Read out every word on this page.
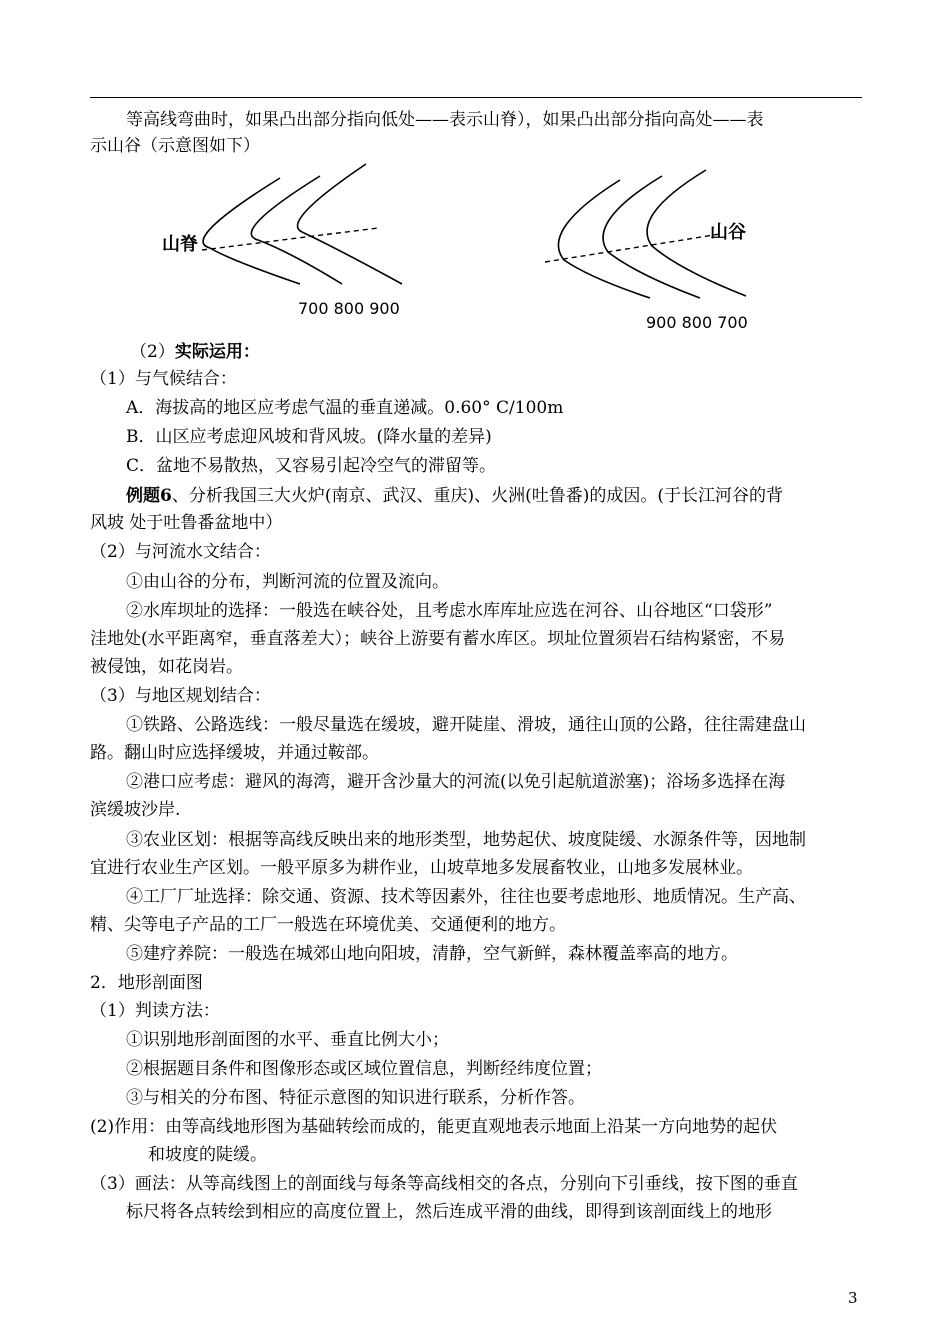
等高线弯曲时，如果凸出部分指向低处——表示山脊），如果凸出部分指向高处——表
示山谷（示意图如下）
山脊
700 800 900
山谷
900 800 700
（2）实际运用：
（1）与气候结合：
A．海拔高的地区应考虑气温的垂直递减。0.60° C/100m
B．山区应考虑迎风坡和背风坡。(降水量的差异)
C．盆地不易散热，又容易引起冷空气的滞留等。
例题6、分析我国三大火炉(南京、武汉、重庆)、火洲(吐鲁番)的成因。(于长江河谷的背
风坡 处于吐鲁番盆地中）
（2）与河流水文结合：
①由山谷的分布，判断河流的位置及流向。
②水库坝址的选择：一般选在峡谷处，且考虑水库库址应选在河谷、山谷地区“口袋形”
洼地处(水平距离窄，垂直落差大）；峡谷上游要有蓄水库区。坝址位置须岩石结构紧密，不易
被侵蚀，如花岗岩。
（3）与地区规划结合：
①铁路、公路选线：一般尽量选在缓坡，避开陡崖、滑坡，通往山顶的公路，往往需建盘山
路。翻山时应选择缓坡，并通过鞍部。
②港口应考虑：避风的海湾，避开含沙量大的河流(以免引起航道淤塞)；浴场多选择在海
滨缓坡沙岸.
③农业区划：根据等高线反映出来的地形类型，地势起伏、坡度陡缓、水源条件等，因地制
宜进行农业生产区划。一般平原多为耕作业，山坡草地多发展畜牧业，山地多发展林业。
④工厂厂址选择：除交通、资源、技术等因素外，往往也要考虑地形、地质情况。生产高、
精、尖等电子产品的工厂一般选在环境优美、交通便利的地方。
⑤建疗养院：一般选在城郊山地向阳坡，清静，空气新鲜，森林覆盖率高的地方。
2．地形剖面图
（1）判读方法：
①识别地形剖面图的水平、垂直比例大小；
②根据题目条件和图像形态或区域位置信息，判断经纬度位置；
③与相关的分布图、特征示意图的知识进行联系，分析作答。
(2)作用：由等高线地形图为基础转绘而成的，能更直观地表示地面上沿某一方向地势的起伏
和坡度的陡缓。
（3）画法：从等高线图上的剖面线与每条等高线相交的各点，分别向下引垂线，按下图的垂直
标尺将各点转绘到相应的高度位置上，然后连成平滑的曲线，即得到该剖面线上的地形
3
